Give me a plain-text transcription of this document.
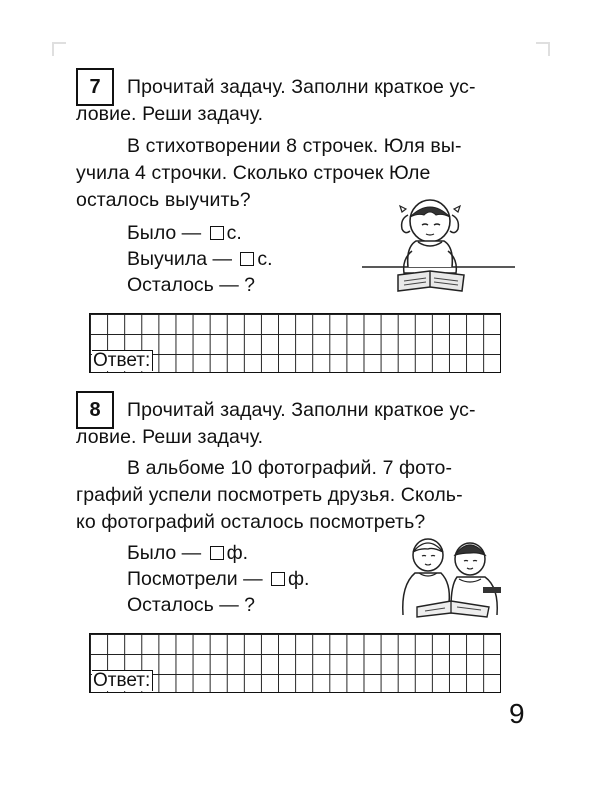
7	Прочитай задачу. Заполни краткое ус-
ловие. Реши задачу.
В стихотворении 8 строчек. Юля вы-
учила 4 строчки. Сколько строчек Юле
осталось выучить?
Было — с.
Выучила — с.
Осталось — ?
Ответ:
8	Прочитай задачу. Заполни краткое ус-
ловие. Реши задачу.
В альбоме 10 фотографий. 7 фото-
графий успели посмотреть друзья. Сколь-
ко фотографий осталось посмотреть?
Было — ф.
Посмотрели — ф.
Осталось — ?
Ответ:
9
